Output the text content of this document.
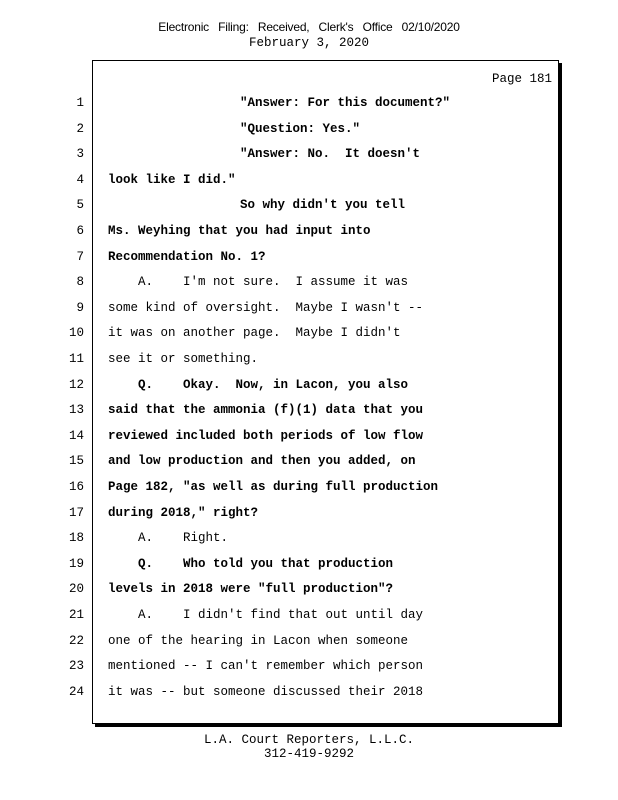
Electronic Filing: Received, Clerk's Office 02/10/2020
February 3, 2020
Page 181
1	"Answer: For this document?"
2	"Question: Yes."
3	"Answer: No.  It doesn't
4 look like I did."
5	So why didn't you tell
6 Ms. Weyhing that you had input into
7 Recommendation No. 1?
8	A.    I'm not sure.  I assume it was
9 some kind of oversight.  Maybe I wasn't --
10 it was on another page.  Maybe I didn't
11 see it or something.
12	Q.    Okay.  Now, in Lacon, you also
13 said that the ammonia (f)(1) data that you
14 reviewed included both periods of low flow
15 and low production and then you added, on
16 Page 182, "as well as during full production
17 during 2018," right?
18	A.    Right.
19	Q.    Who told you that production
20 levels in 2018 were "full production"?
21	A.    I didn't find that out until day
22 one of the hearing in Lacon when someone
23 mentioned -- I can't remember which person
24 it was -- but someone discussed their 2018
L.A. Court Reporters, L.L.C.
312-419-9292
